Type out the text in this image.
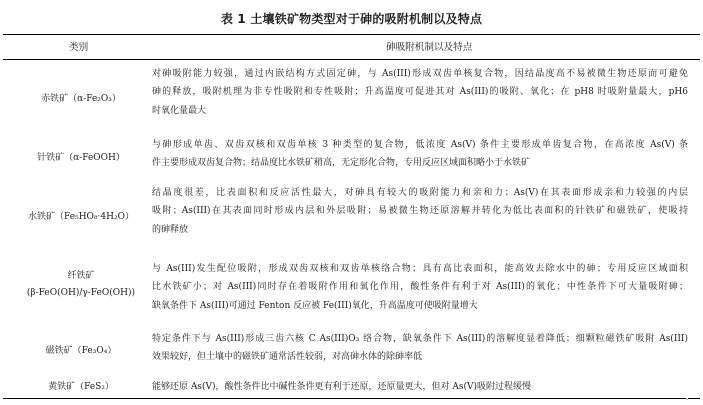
表 1 土壤铁矿物类型对于砷的吸附机制以及特点
类别	砷吸附机制以及特点
赤铁矿（α-Fe₂O₃）
对砷吸附能力较强，通过内嵌结构方式固定砷，与 As(III)形成双齿单核复合物，因结晶度高不易被微生物还原而可避免
砷的释放，吸附机理为非专性吸附和专性吸附；升高温度可促进其对 As(III)的吸附、氧化；在 pH8 时吸附量最大，pH6
时氧化量最大
针铁矿（α-FeOOH）
与砷形成单齿、双齿双核和双齿单核 3 种类型的复合物，低浓度 As(V) 条件主要形成单齿复合物，在高浓度 As(V) 条
件主要形成双齿复合物；结晶度比水铁矿稍高，无定形化合物，专用反应区域面积略小于水铁矿
水铁矿（Fe₅HO₈·4H₂O）
结晶度很差，比表面积和反应活性最大，对砷具有较大的吸附能力和亲和力；As(V)在其表面形成亲和力较强的内层
吸附；As(III)在其表面同时形成内层和外层吸附；易被微生物还原溶解并转化为低比表面积的针铁矿和磁铁矿，使吸持
的砷释放
纤铁矿
(β-FeO(OH)/γ-FeO(OH))
与 As(III)发生配位吸附，形成双齿双核和双齿单核络合物；具有高比表面积，能高效去除水中的砷；专用反应区域面积
比水铁矿小；对 As(III)同时存在着吸附作用和氧化作用，酸性条件有利于对 As(III)的氧化；中性条件下可大量吸附砷；
缺氧条件下 As(III)可通过 Fenton 反应被 Fe(III)氧化，升高温度可使吸附量增大
磁铁矿（Fe₃O₄）
特定条件下与 As(III)形成三齿六核 C As(III)O₃ 络合物，缺氧条件下 As(III)的溶解度显着降低；细颗粒磁铁矿吸附 As(III)
效果较好，但土壤中的磁铁矿通常活性较弱，对高砷水体的除砷率低
黄铁矿（FeS₂）	能够还原 As(V)，酸性条件比中碱性条件更有利于还原，还原量更大，但对 As(V)吸附过程缓慢
